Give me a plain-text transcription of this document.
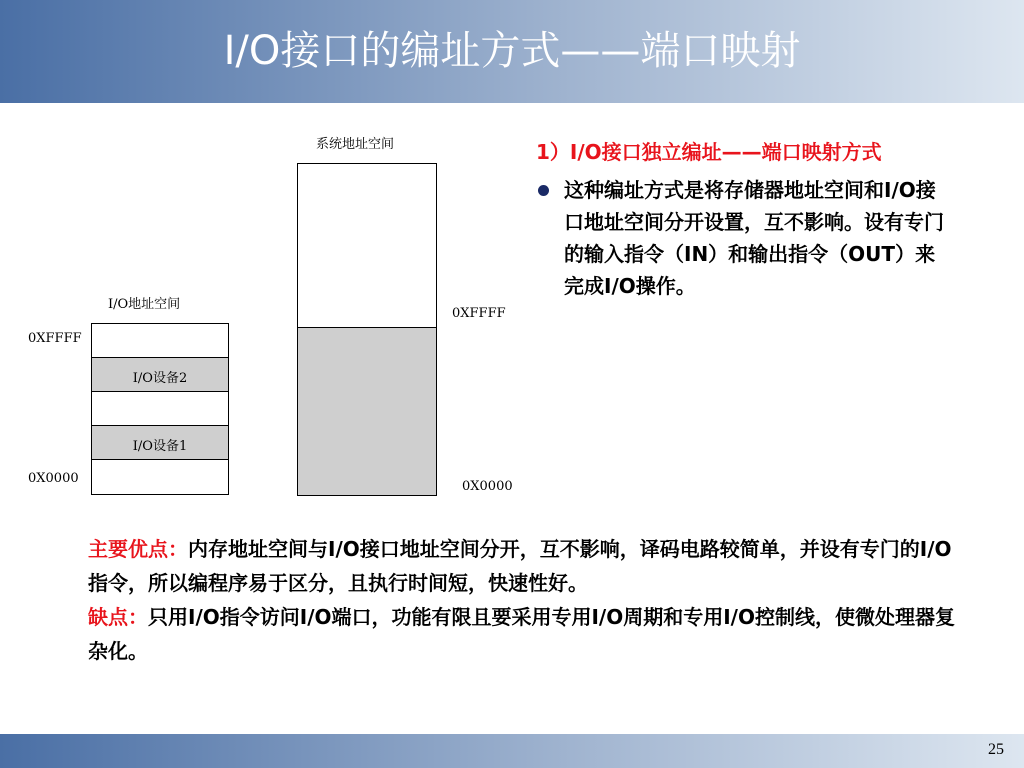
I/O接口的编址方式——端口映射
I/O地址空间
0XFFFF
0X0000
I/O设备2
I/O设备1
系统地址空间
0XFFFF
0X0000
1）I/O接口独立编址——端口映射方式
这种编址方式是将存储器地址空间和I/O接口地址空间分开设置，互不影响。设有专门的输入指令（IN）和输出指令（OUT）来完成I/O操作。
主要优点：内存地址空间与I/O接口地址空间分开，互不影响，译码电路较简单，并设有专门的I/O指令，所以编程序易于区分，且执行时间短，快速性好。
缺点：只用I/O指令访问I/O端口，功能有限且要采用专用I/O周期和专用I/O控制线，使微处理器复杂化。
25
